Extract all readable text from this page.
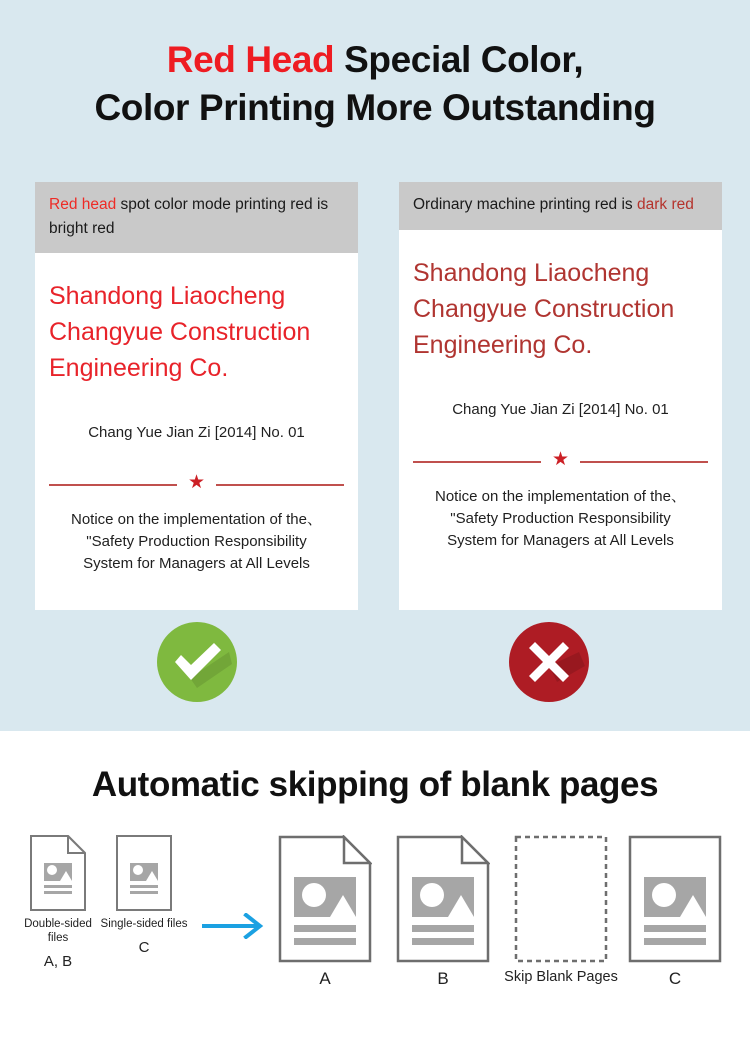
Red Head Special Color,
Color Printing More Outstanding
Red head spot color mode printing red is bright red
Shandong Liaocheng Changyue Construction Engineering Co.
Chang Yue Jian Zi [2014] No. 01
★
Notice on the implementation of the、
"Safety Production Responsibility
System for Managers at All Levels
Ordinary machine printing red is dark red
Shandong Liaocheng Changyue Construction Engineering Co.
Chang Yue Jian Zi [2014] No. 01
★
Notice on the implementation of the、
"Safety Production Responsibility
System for Managers at All Levels
Automatic skipping of blank pages
Double-sided files
A, B
Single-sided files
C
A	B	Skip Blank Pages	C
